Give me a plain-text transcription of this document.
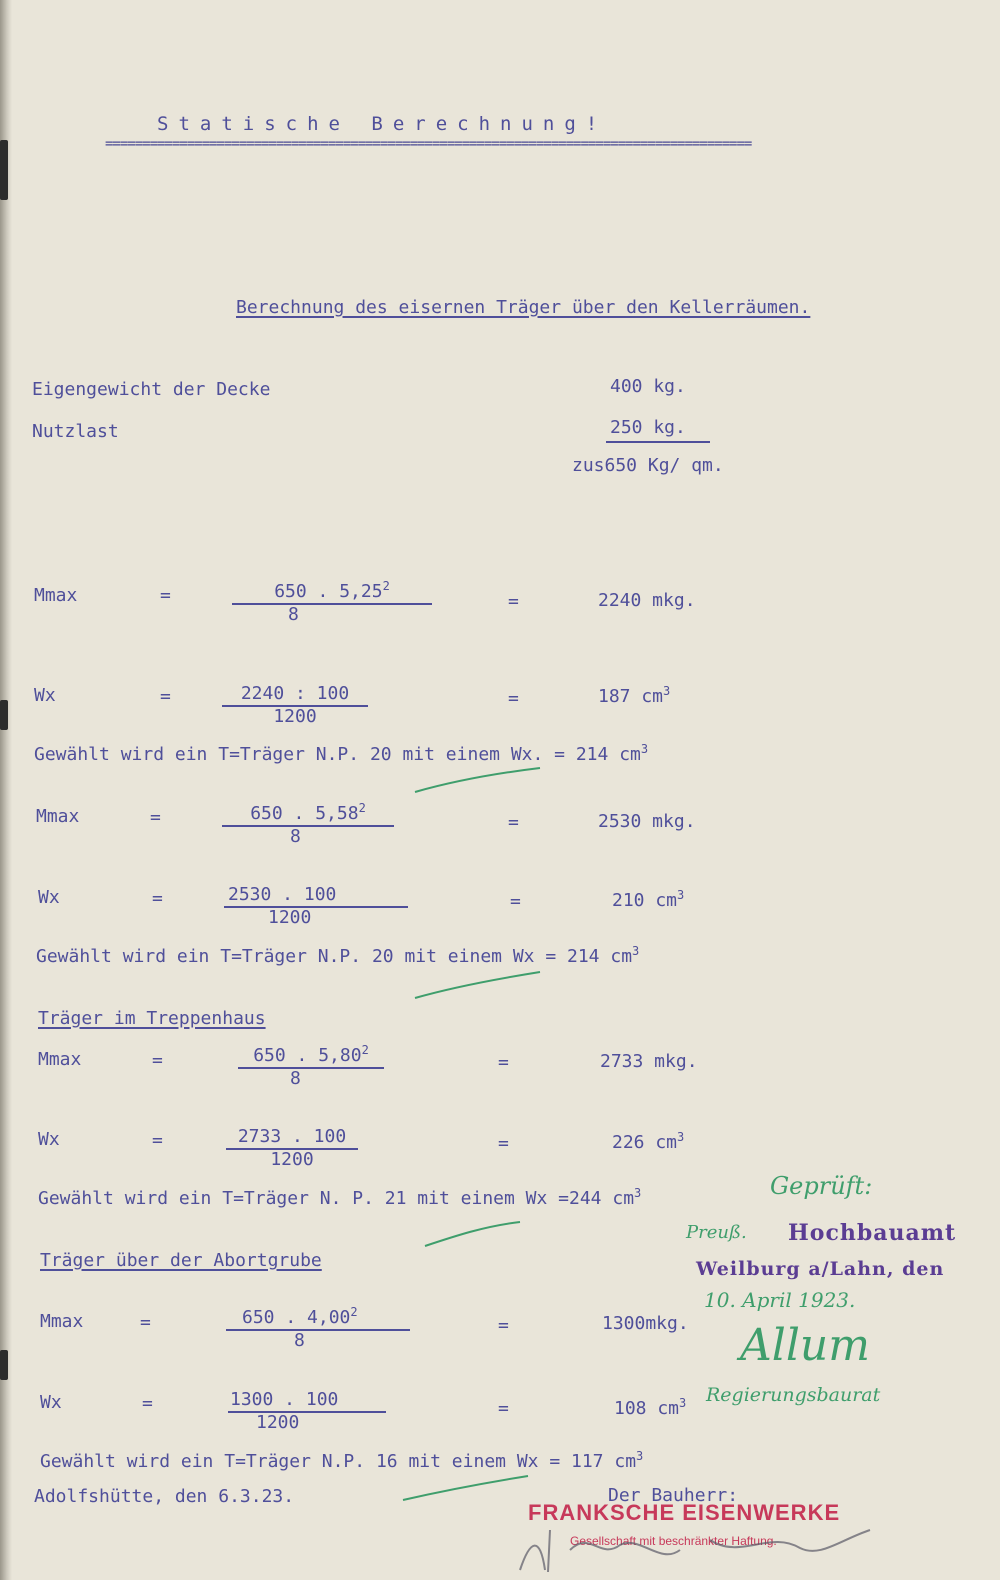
Statische Berechnung!
=======================================================================================
Berechnung des eisernen Träger über den Kellerräumen.
Eigengewicht der Decke	400 kg.
Nutzlast	250 kg.
zus650 Kg/ qm.
Mmax	=	650 . 5,25$^2$
8
=	2240 mkg.
Wx	=	2240 : 100
1200
=	187 $cm^3$
Gewählt wird ein T=Träger N.P. 20 mit einem Wx. = 214 $cm^3$
Mmax	=	650 . 5,58$^2$
8
=	2530 mkg.
Wx	=	2530 . 100
1200
=	210 $cm^3$
Gewählt wird ein T=Träger N.P. 20 mit einem Wx = 214 $cm^3$
Träger im Treppenhaus
Mmax	=	650 . 5,80$^2$
8
=	2733 mkg.
Wx	=	2733 . 100
1200
=	226 $cm^3$
Gewählt wird ein T=Träger N. P. 21 mit einem Wx =244 $cm^3$
Träger über der Abortgrube
Mmax	=	650 . 4,00$^2$
8
=	1300mkg.
Wx	=	1300 . 100
1200
=	108 $cm^3$
Gewählt wird ein T=Träger N.P. 16 mit einem Wx = 117 $cm^3$
Adolfshütte, den 6.3.23.	Der Bauherr:
FRANKSCHE EISENWERKE
Gesellschaft mit beschränkter Haftung.
Geprüft:
Preuß. Hochbauamt
Weilburg a/Lahn, den
10. April 1923.
Allum
Regierungsbaurat
